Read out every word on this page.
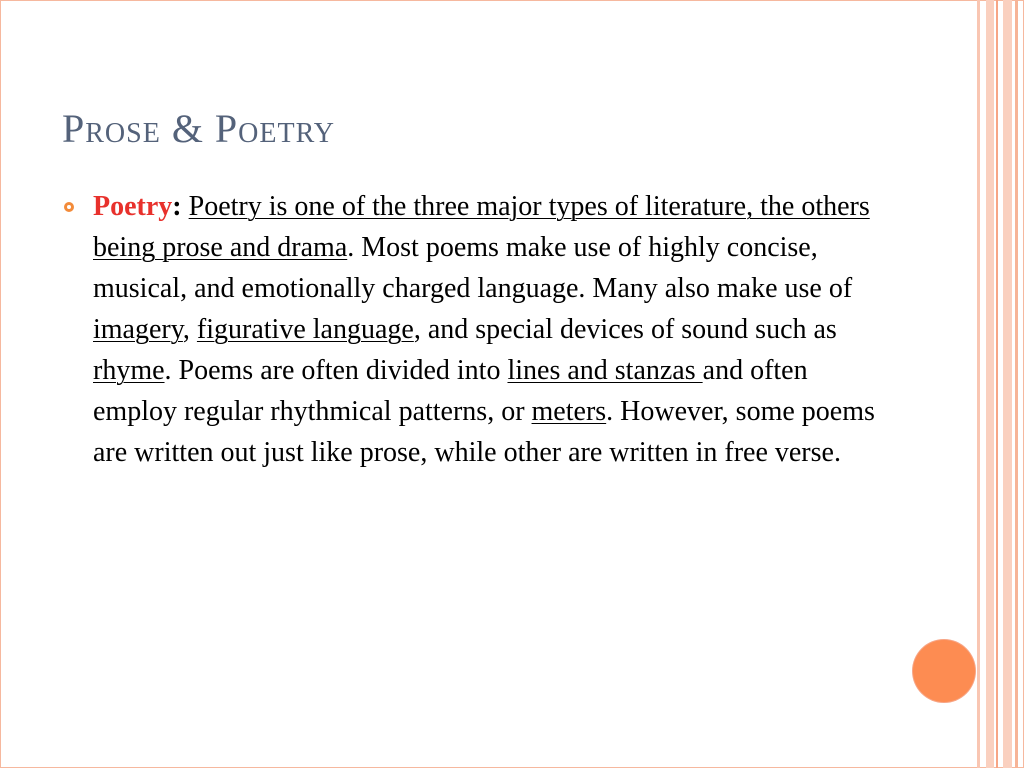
Prose & Poetry
Poetry: Poetry is one of the three major types of literature, the others being prose and drama. Most poems make use of highly concise, musical, and emotionally charged language. Many also make use of imagery, figurative language, and special devices of sound such as rhyme. Poems are often divided into lines and stanzas and often employ regular rhythmical patterns, or meters. However, some poems are written out just like prose, while other are written in free verse.
